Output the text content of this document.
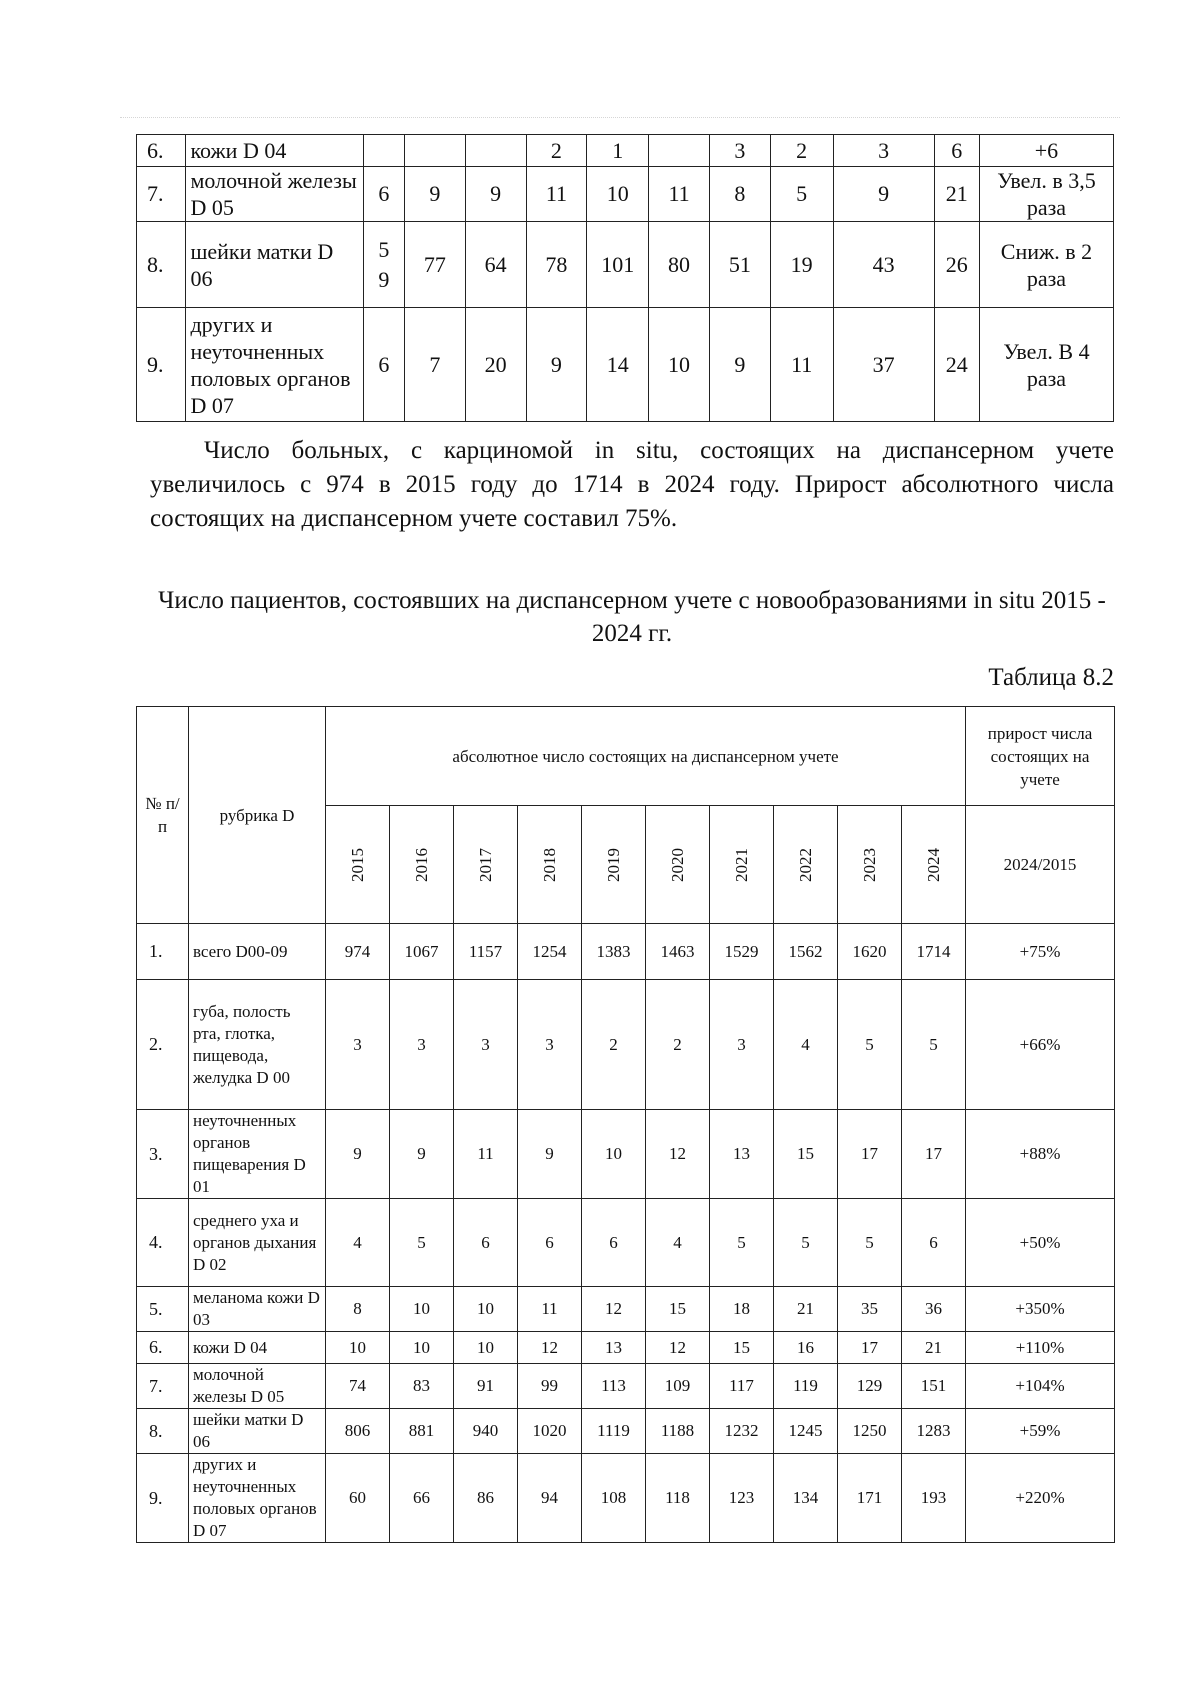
6.	кожи D 04				2	1		3	2	3	6	+6
7.	молочной железы D 05	6	9	9	11	10	11	8	5	9	21	Увел. в 3,5 раза
8.	шейки матки D 06	59	77	64	78	101	80	51	19	43	26	Сниж. в 2 раза
9.	других и неуточненных половых органов D 07	6	7	20	9	14	10	9	11	37	24	Увел. В 4 раза

Число больных, с карциномой in situ, состоящих на диспансерном учете увеличилось с 974 в 2015 году до 1714 в 2024 году. Прирост абсолютного числа состоящих на диспансерном учете составил 75%.

Число пациентов, состоявших на диспансерном учете с новообразованиями in situ 2015 - 2024 гг.
Таблица 8.2
№ п/п	рубрика D	абсолютное число состоящих на диспансерном учете										прирост числа состоящих на учете
		2015	2016	2017	2018	2019	2020	2021	2022	2023	2024	2024/2015
1.	всего D00-09	974	1067	1157	1254	1383	1463	1529	1562	1620	1714	+75%
2.	губа, полость рта, глотка, пищевода, желудка D 00	3	3	3	3	2	2	3	4	5	5	+66%
3.	неуточненных органов пищеварения D 01	9	9	11	9	10	12	13	15	17	17	+88%
4.	среднего уха и органов дыхания D 02	4	5	6	6	6	4	5	5	5	6	+50%
5.	меланома кожи D 03	8	10	10	11	12	15	18	21	35	36	+350%
6.	кожи D 04	10	10	10	12	13	12	15	16	17	21	+110%
7.	молочной железы D 05	74	83	91	99	113	109	117	119	129	151	+104%
8.	шейки матки D 06	806	881	940	1020	1119	1188	1232	1245	1250	1283	+59%
9.	других и неуточненных половых органов D 07	60	66	86	94	108	118	123	134	171	193	+220%
